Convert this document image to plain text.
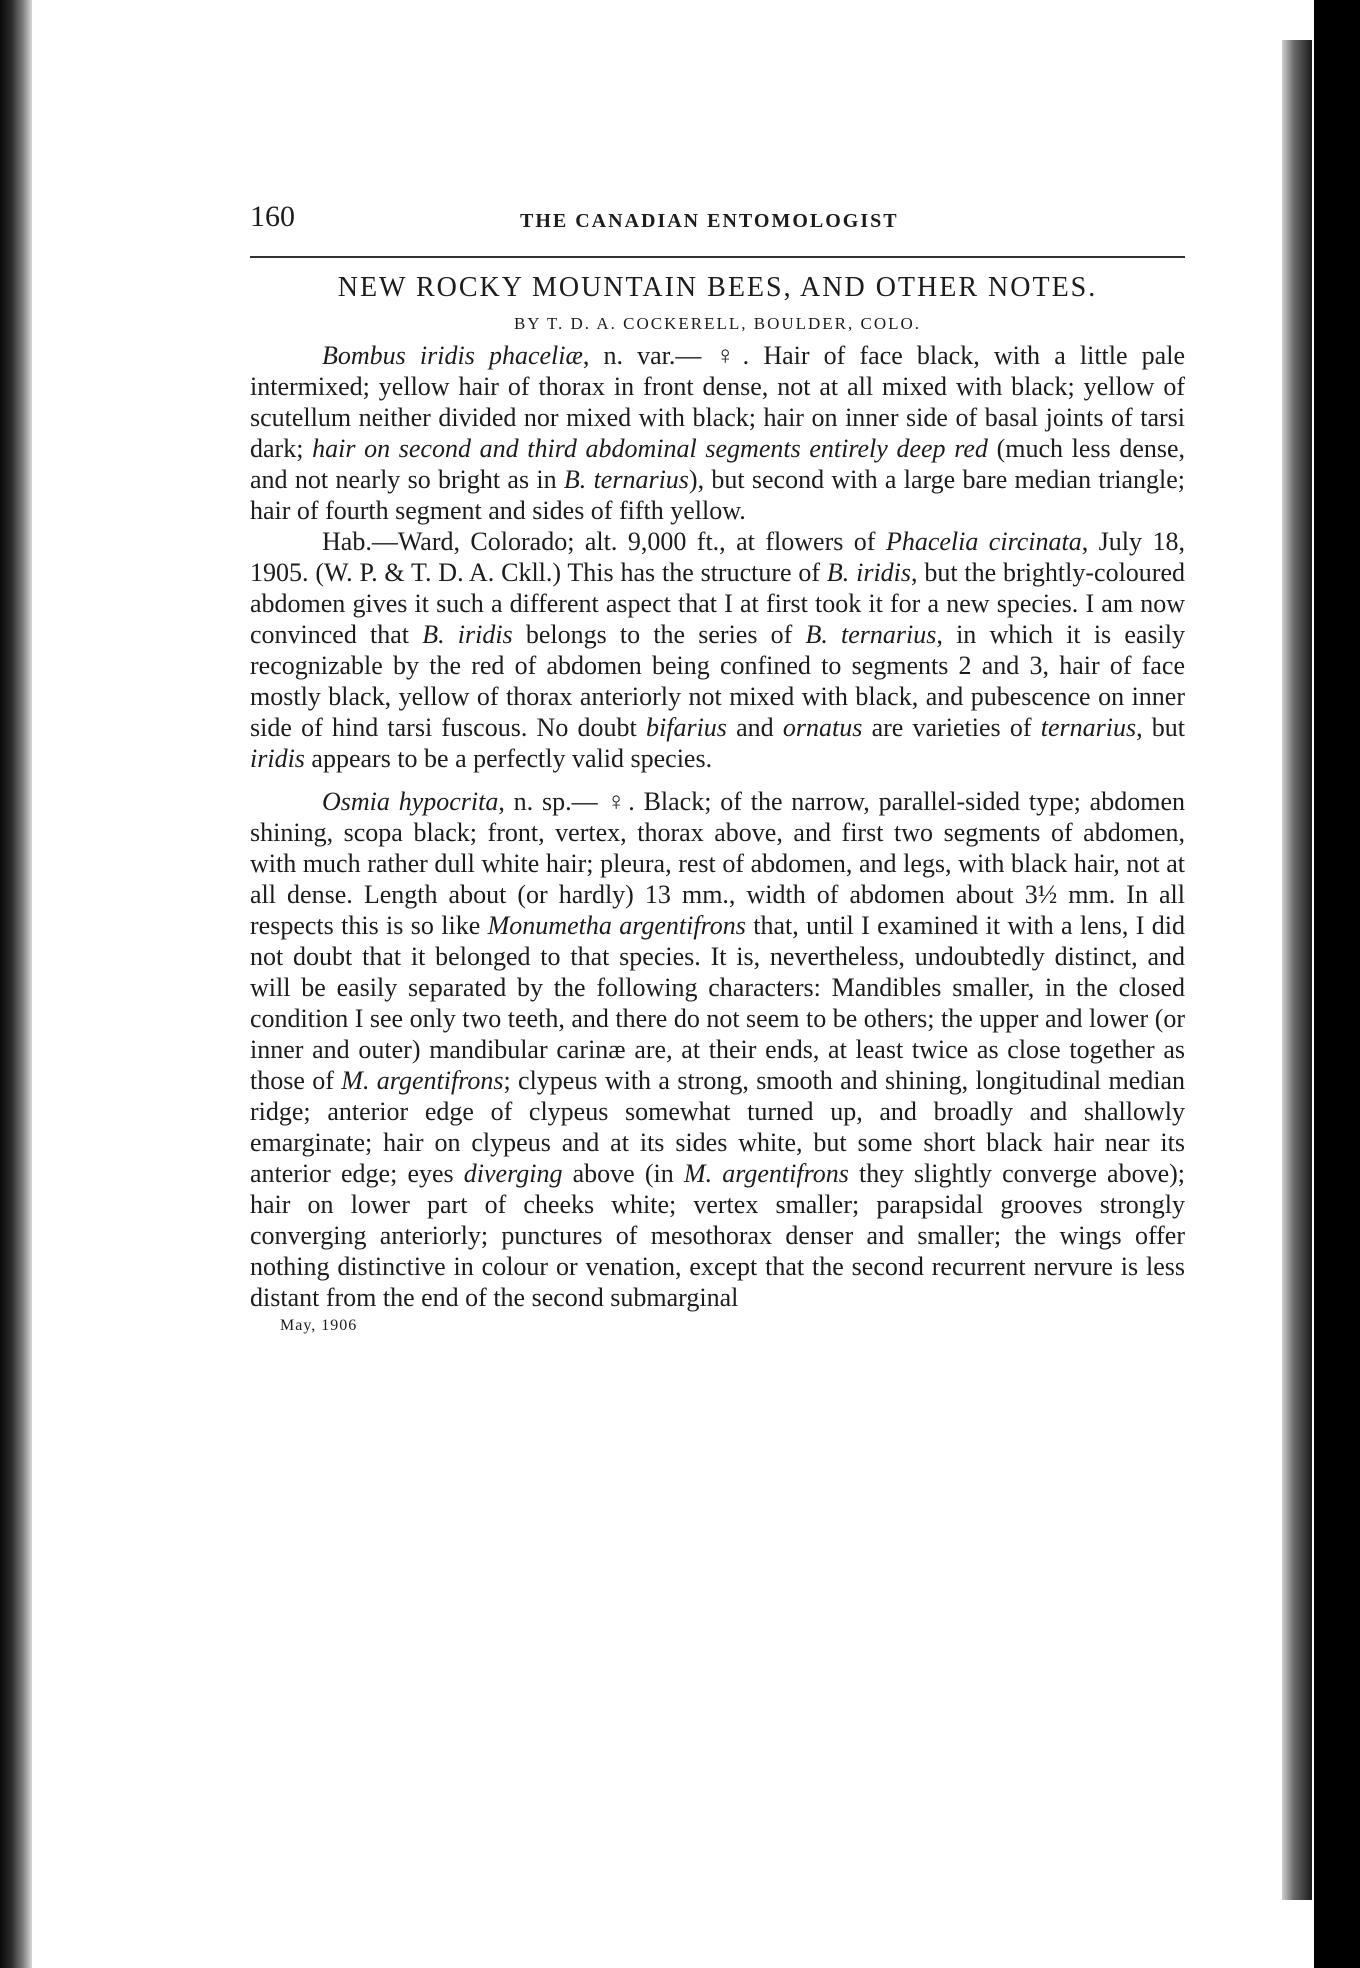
160	THE CANADIAN ENTOMOLOGIST
NEW ROCKY MOUNTAIN BEES, AND OTHER NOTES.
BY T. D. A. COCKERELL, BOULDER, COLO.

Bombus iridis phaceliæ, n. var.— ♀. Hair of face black, with a little pale intermixed; yellow hair of thorax in front dense, not at all mixed with black; yellow of scutellum neither divided nor mixed with black; hair on inner side of basal joints of tarsi dark; hair on second and third abdominal segments entirely deep red (much less dense, and not nearly so bright as in B. ternarius), but second with a large bare median triangle; hair of fourth segment and sides of fifth yellow.

Hab.—Ward, Colorado; alt. 9,000 ft., at flowers of Phacelia circinata, July 18, 1905. (W. P. & T. D. A. Ckll.) This has the structure of B. iridis, but the brightly-coloured abdomen gives it such a different aspect that I at first took it for a new species. I am now convinced that B. iridis belongs to the series of B. ternarius, in which it is easily recognizable by the red of abdomen being confined to segments 2 and 3, hair of face mostly black, yellow of thorax anteriorly not mixed with black, and pubescence on inner side of hind tarsi fuscous. No doubt bifarius and ornatus are varieties of ternarius, but iridis appears to be a perfectly valid species.

Osmia hypocrita, n. sp.— ♀. Black; of the narrow, parallel-sided type; abdomen shining, scopa black; front, vertex, thorax above, and first two segments of abdomen, with much rather dull white hair; pleura, rest of abdomen, and legs, with black hair, not at all dense. Length about (or hardly) 13 mm., width of abdomen about 3½ mm. In all respects this is so like Monumetha argentifrons that, until I examined it with a lens, I did not doubt that it belonged to that species. It is, nevertheless, undoubtedly distinct, and will be easily separated by the following characters: Mandibles smaller, in the closed condition I see only two teeth, and there do not seem to be others; the upper and lower (or inner and outer) mandibular carinæ are, at their ends, at least twice as close together as those of M. argentifrons; clypeus with a strong, smooth and shining, longitudinal median ridge; anterior edge of clypeus somewhat turned up, and broadly and shallowly emarginate; hair on clypeus and at its sides white, but some short black hair near its anterior edge; eyes diverging above (in M. argentifrons they slightly converge above); hair on lower part of cheeks white; vertex smaller; parapsidal grooves strongly converging anteriorly; punctures of mesothorax denser and smaller; the wings offer nothing distinctive in colour or venation, except that the second recurrent nervure is less distant from the end of the second submarginal

May, 1906
